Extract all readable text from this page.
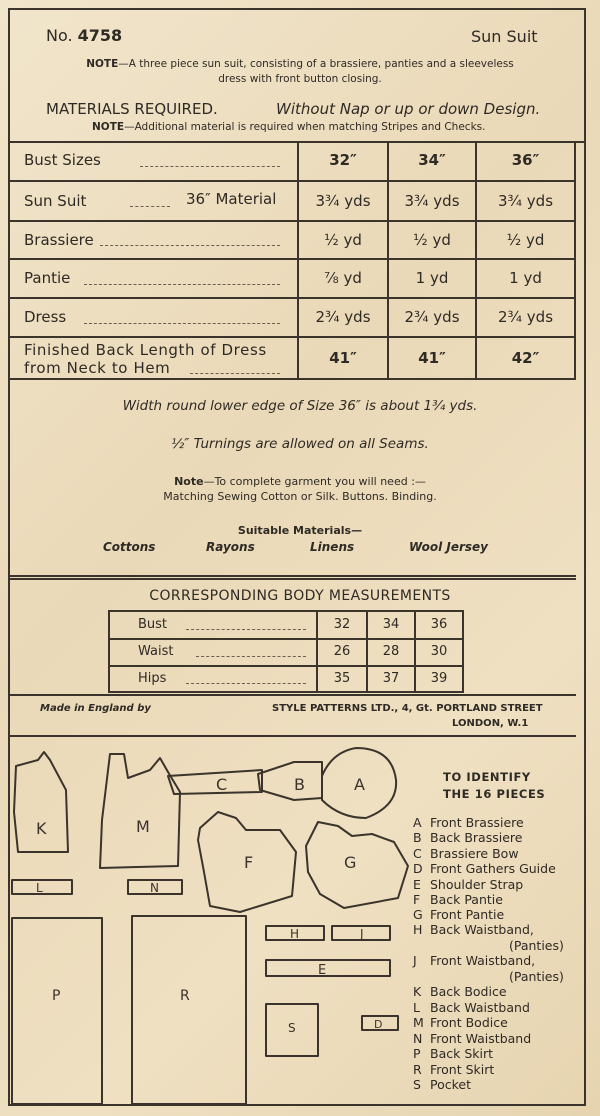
No. 4758	Sun Suit
NOTE—A three piece sun suit, consisting of a brassiere, panties and a sleeveless
dress with front button closing.
MATERIALS REQUIRED.	Without Nap or up or down Design.
NOTE—Additional material is required when matching Stripes and Checks.
Bust Sizes	32″	34″	36″
Sun Suit	36″ Material	3¾ yds	3¾ yds	3¾ yds
Brassiere	½ yd	½ yd	½ yd
Pantie	⅞ yd	1 yd	1 yd
Dress	2¾ yds	2¾ yds	2¾ yds
Finished Back Length of Dress
from Neck to Hem
41″	41″	42″
Width round lower edge of Size 36″ is about 1¾ yds.
½″ Turnings are allowed on all Seams.
Note—To complete garment you will need :—
Matching Sewing Cotton or Silk. Buttons. Binding.
Suitable Materials—
Cottons	Rayons	Linens	Wool Jersey
CORRESPONDING BODY MEASUREMENTS
Bust	32	34	36
Waist	26	28	30
Hips	35	37	39
Made in England by	STYLE PATTERNS LTD., 4, Gt. PORTLAND STREET
LONDON, W.1
K	M
C	B	A
F	G
L	N
H	J
E
P	R
S	D
TO IDENTIFY
THE 16 PIECES
A Front Brassiere
B Back Brassiere
C Brassiere Bow
D Front Gathers Guide
E Shoulder Strap
F Back Pantie
G Front Pantie
H Back Waistband,
(Panties)
J Front Waistband,
(Panties)
K Back Bodice
L Back Waistband
M Front Bodice
N Front Waistband
P Back Skirt
R Front Skirt
S Pocket
